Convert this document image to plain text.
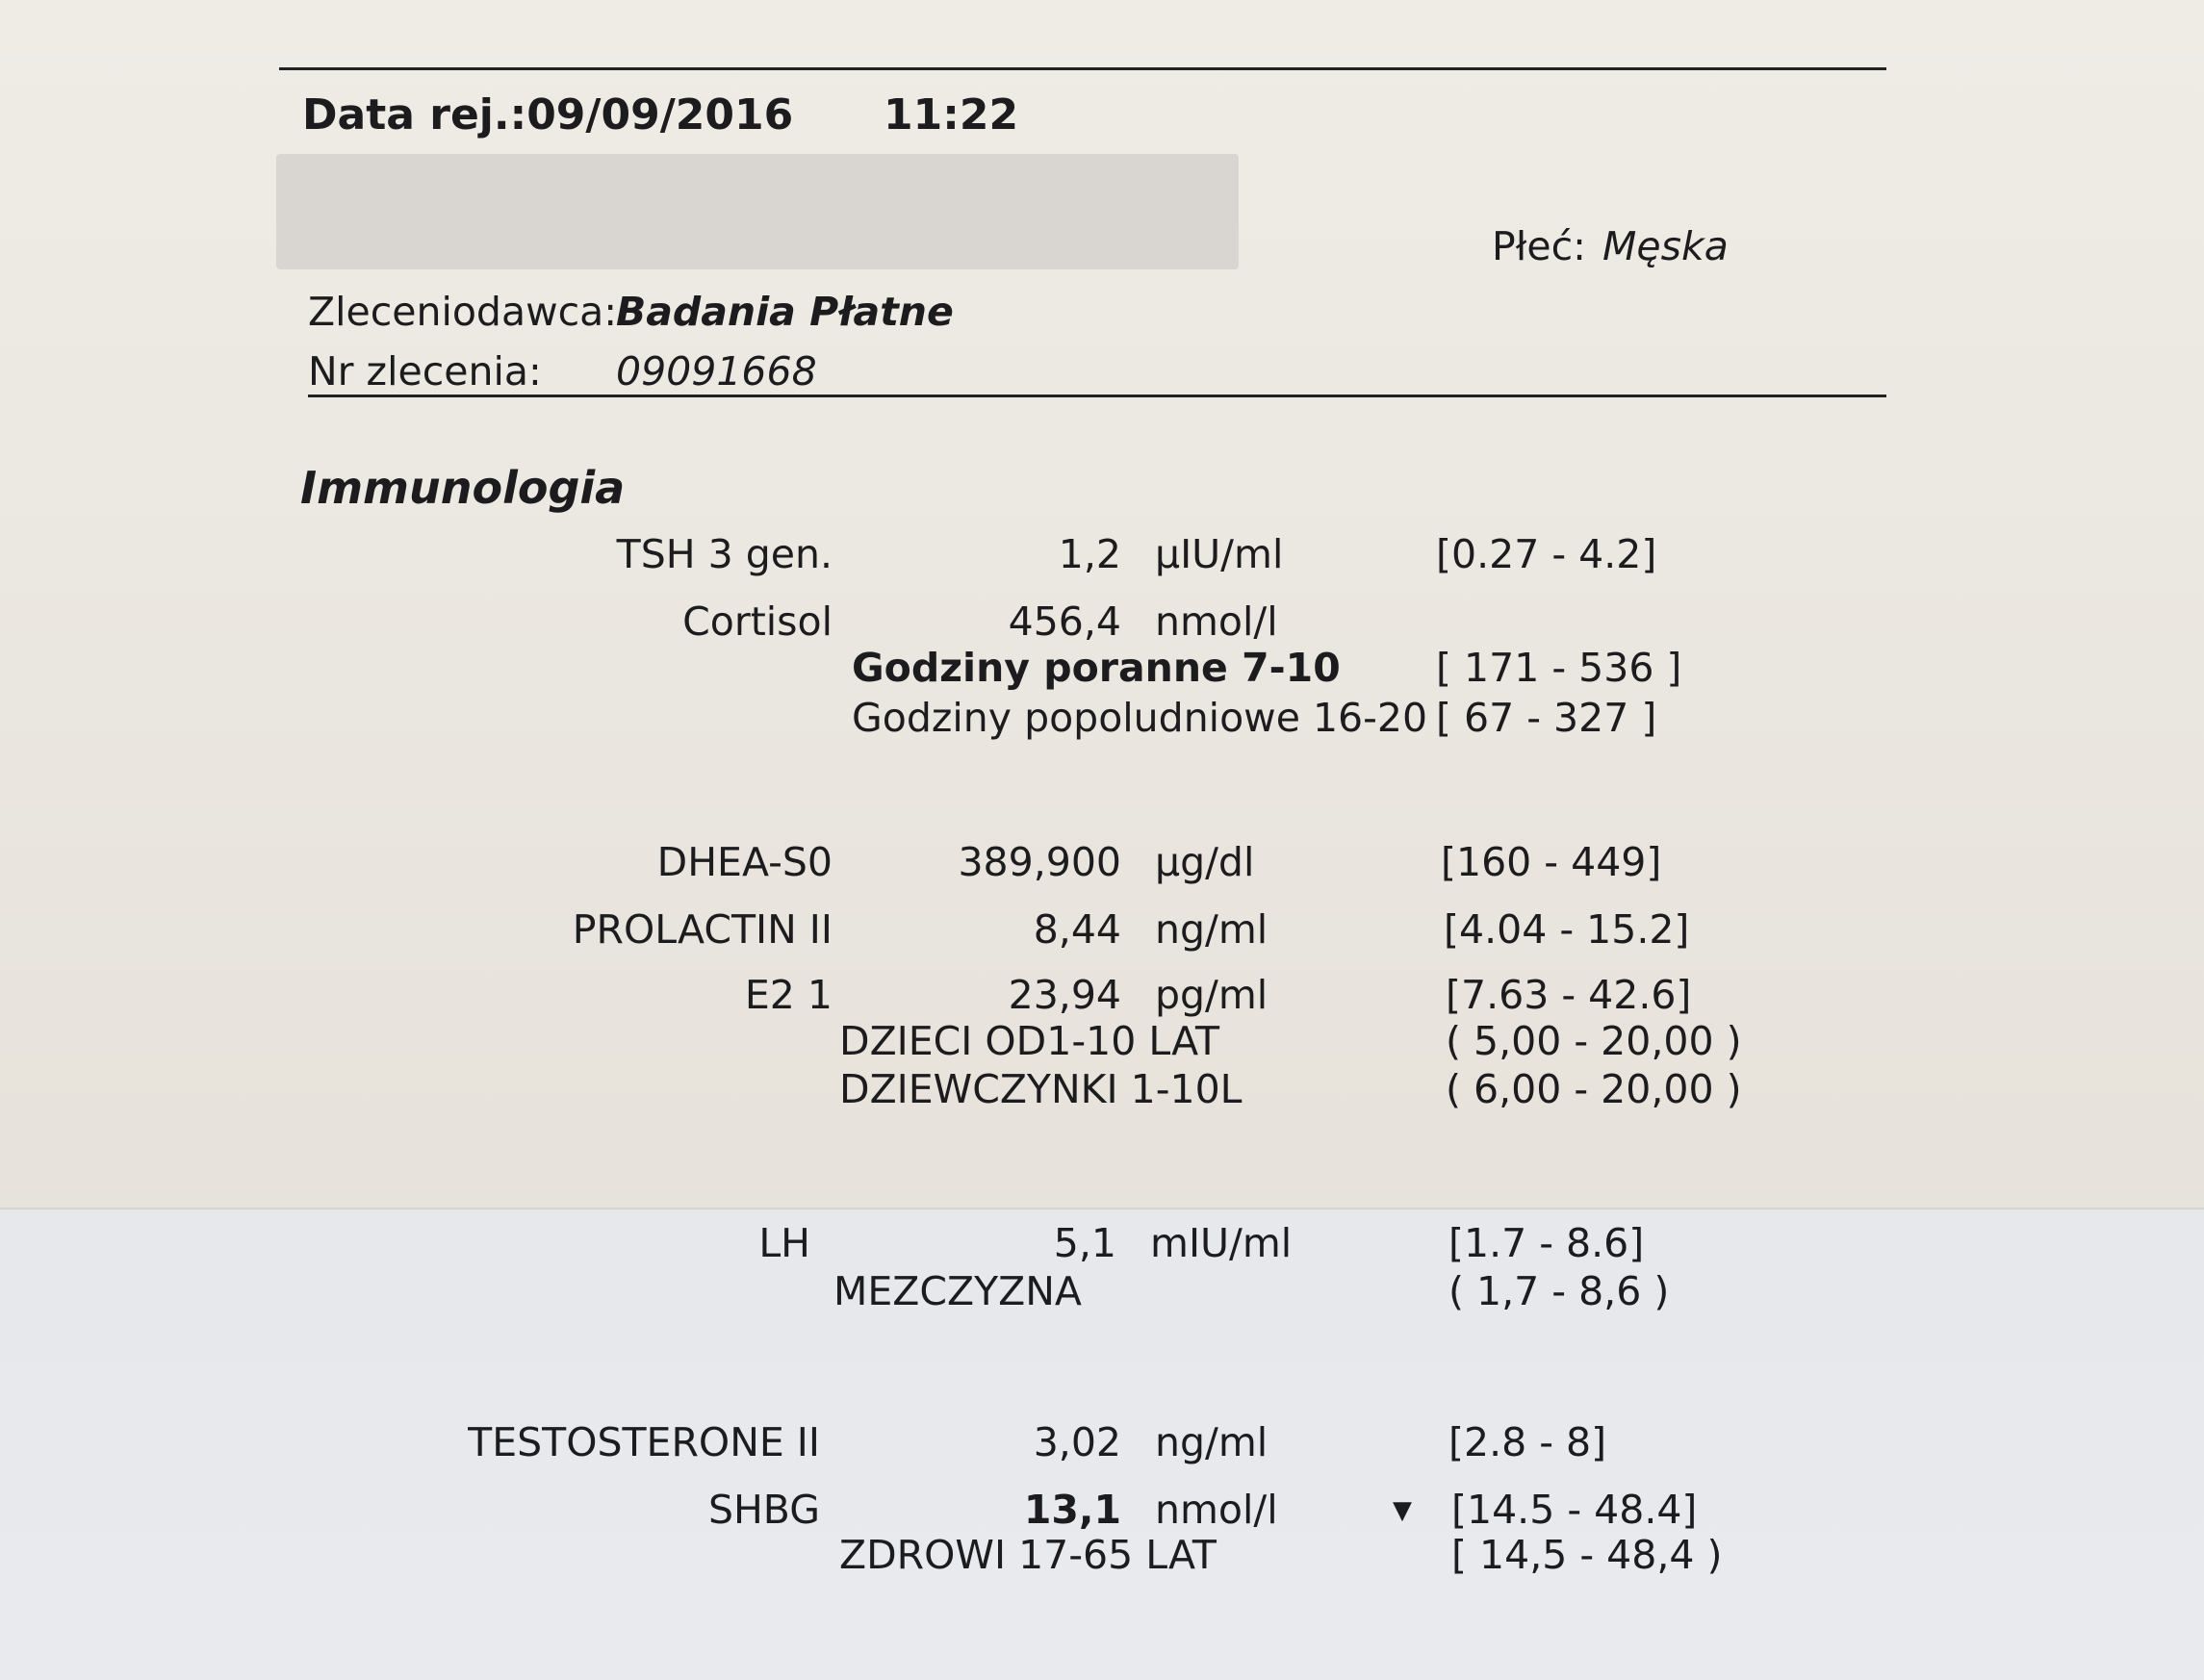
Data rej.:09/09/2016 11:22
Płeć: Męska
Zleceniodawca:
Badania Płatne
Nr zlecenia: 09091668
Immunologia
TSH 3 gen.	1,2 µIU/ml	[0.27 - 4.2]
Cortisol	456,4 nmol/l
Godziny poranne 7-10 [ 171 - 536 ]
Godziny popoludniowe 16-20 [ 67 - 327 ]
DHEA-S0	389,900 µg/dl	[160 - 449]
PROLACTIN II	8,44 ng/ml	[4.04 - 15.2]
E2 1	23,94 pg/ml	[7.63 - 42.6]
DZIECI OD1-10 LAT	( 5,00 - 20,00 )
DZIEWCZYNKI 1-10L	( 6,00 - 20,00 )
LH	5,1 mIU/ml	[1.7 - 8.6]
MEZCZYZNA	( 1,7 - 8,6 )
TESTOSTERONE II	3,02 ng/ml	[2.8 - 8]
SHBG	13,1 nmol/l	▼ [14.5 - 48.4]
ZDROWI 17-65 LAT	[ 14,5 - 48,4 )
